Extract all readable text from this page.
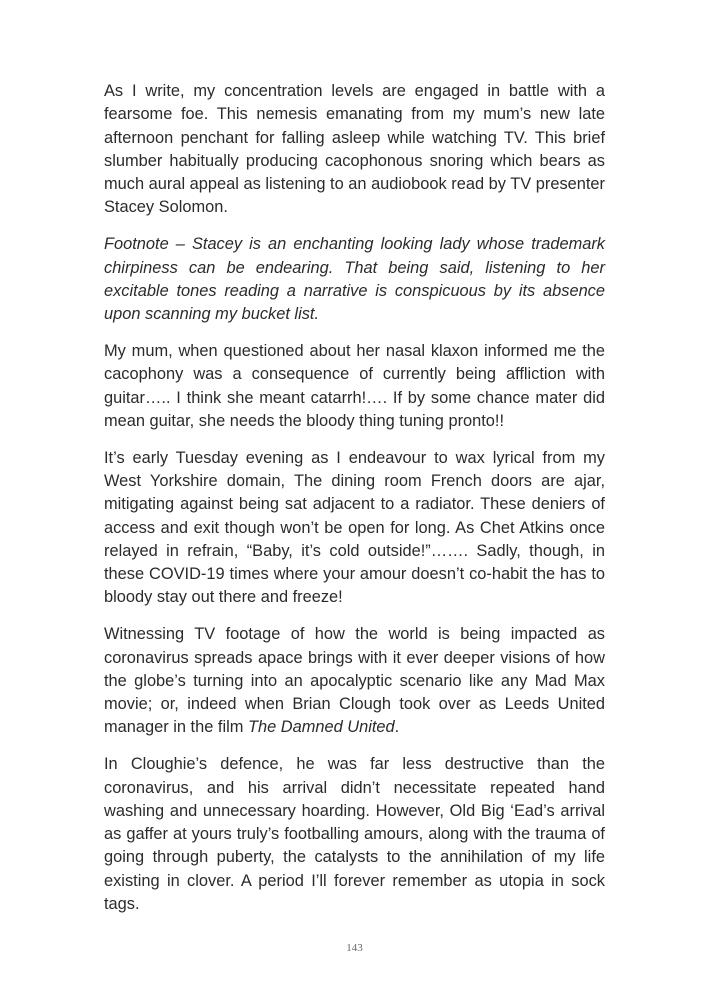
As I write, my concentration levels are engaged in battle with a fearsome foe. This nemesis emanating from my mum’s new late afternoon penchant for falling asleep while watching TV. This brief slumber habitually producing cacophonous snoring which bears as much aural appeal as listening to an audiobook read by TV presenter Stacey Solomon.

Footnote – Stacey is an enchanting looking lady whose trademark chirpiness can be endearing. That being said, listening to her excitable tones reading a narrative is conspicuous by its absence upon scanning my bucket list.

My mum, when questioned about her nasal klaxon informed me the cacophony was a consequence of currently being affliction with guitar….. I think she meant catarrh!…. If by some chance mater did mean guitar, she needs the bloody thing tuning pronto!!

It’s early Tuesday evening as I endeavour to wax lyrical from my West Yorkshire domain, The dining room French doors are ajar, mitigating against being sat adjacent to a radiator. These deniers of access and exit though won’t be open for long. As Chet Atkins once relayed in refrain, “Baby, it’s cold outside!”……. Sadly, though, in these COVID-19 times where your amour doesn’t co-habit the has to bloody stay out there and freeze!

Witnessing TV footage of how the world is being impacted as coronavirus spreads apace brings with it ever deeper visions of how the globe’s turning into an apocalyptic scenario like any Mad Max movie; or, indeed when Brian Clough took over as Leeds United manager in the film The Damned United.

In Cloughie’s defence, he was far less destructive than the coronavirus, and his arrival didn’t necessitate repeated hand washing and unnecessary hoarding. However, Old Big ‘Ead’s arrival as gaffer at yours truly’s footballing amours, along with the trauma of going through puberty, the catalysts to the annihilation of my life existing in clover. A period I’ll forever remember as utopia in sock tags.

143
